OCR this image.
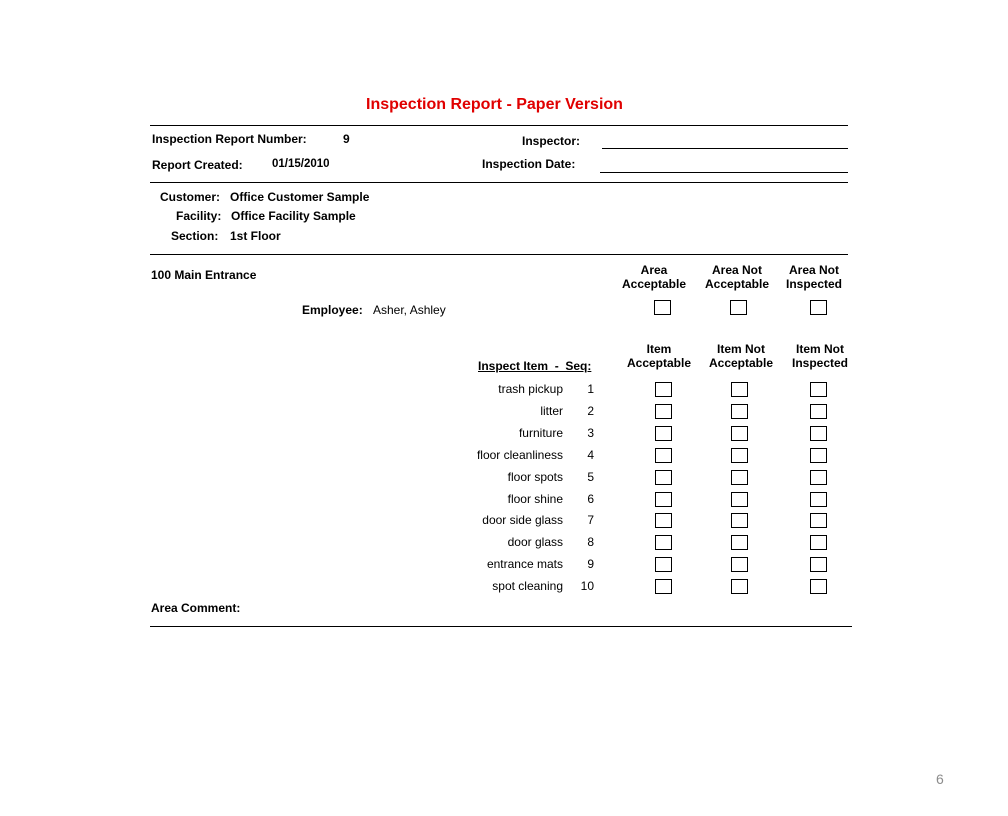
Inspection Report - Paper Version
Inspection Report Number:	9
Report Created:	01/15/2010
Inspector:
Inspection Date:
Customer: Office Customer Sample
Facility: Office Facility Sample
Section: 1st Floor
100 Main Entrance	Area
Acceptable
Area Not
Acceptable
Area Not
Inspected
Employee: Asher, Ashley
Item
Acceptable
Item Not
Acceptable
Item Not
Inspected
Inspect Item  -  Seq:
trash pickup	1
litter	2
furniture	3
floor cleanliness	4
floor spots	5
floor shine	6
door side glass	7
door glass	8
entrance mats	9
spot cleaning	10
Area Comment:
6
